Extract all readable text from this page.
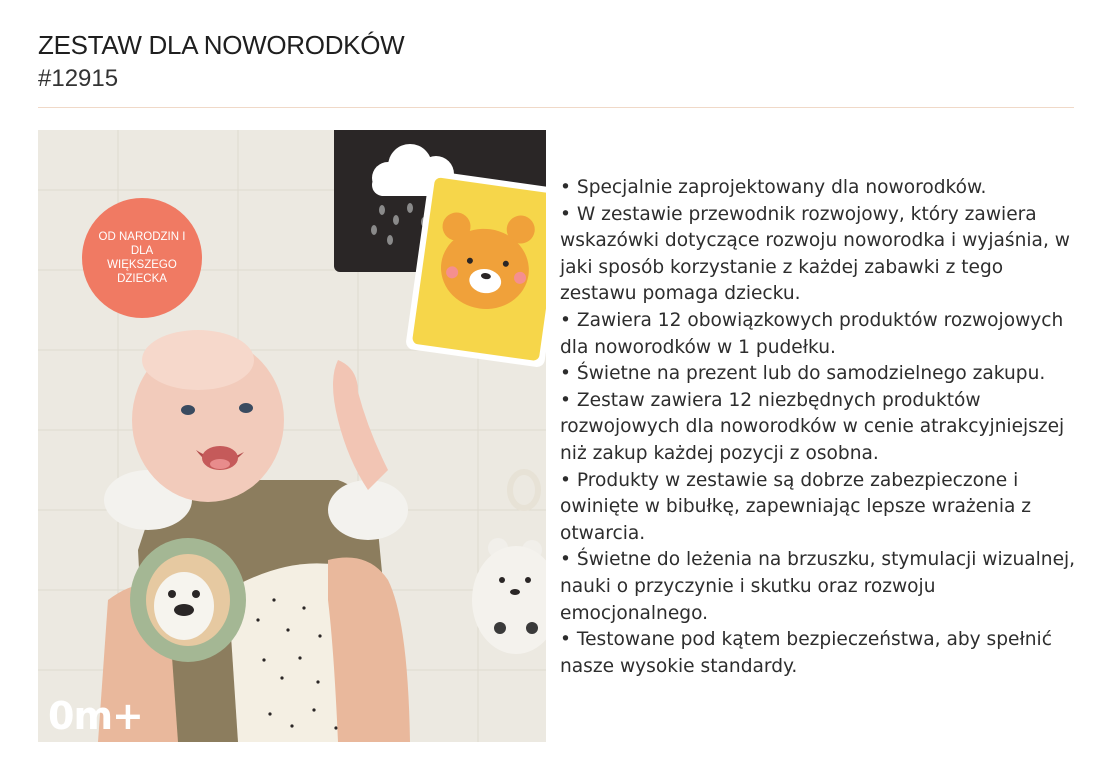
ZESTAW DLA NOWORODKÓW
#12915
OD NARODZIN I DLA WIĘKSZEGO DZIECKA
0m+
• Specjalnie zaprojektowany dla noworodków.
• W zestawie przewodnik rozwojowy, który zawiera wskazówki dotyczące rozwoju noworodka i wyjaśnia, w jaki sposób korzystanie z każdej zabawki z tego zestawu pomaga dziecku.
• Zawiera 12 obowiązkowych produktów rozwojowych dla noworodków w 1 pudełku.
• Świetne na prezent lub do samodzielnego zakupu.
• Zestaw zawiera 12 niezbędnych produktów rozwojowych dla noworodków w cenie atrakcyjniejszej niż zakup każdej pozycji z osobna.
• Produkty w zestawie są dobrze zabezpieczone i owinięte w bibułkę, zapewniając lepsze wrażenia z otwarcia.
• Świetne do leżenia na brzuszku, stymulacji wizualnej, nauki o przyczynie i skutku oraz rozwoju emocjonalnego.
• Testowane pod kątem bezpieczeństwa, aby spełnić nasze wysokie standardy.
